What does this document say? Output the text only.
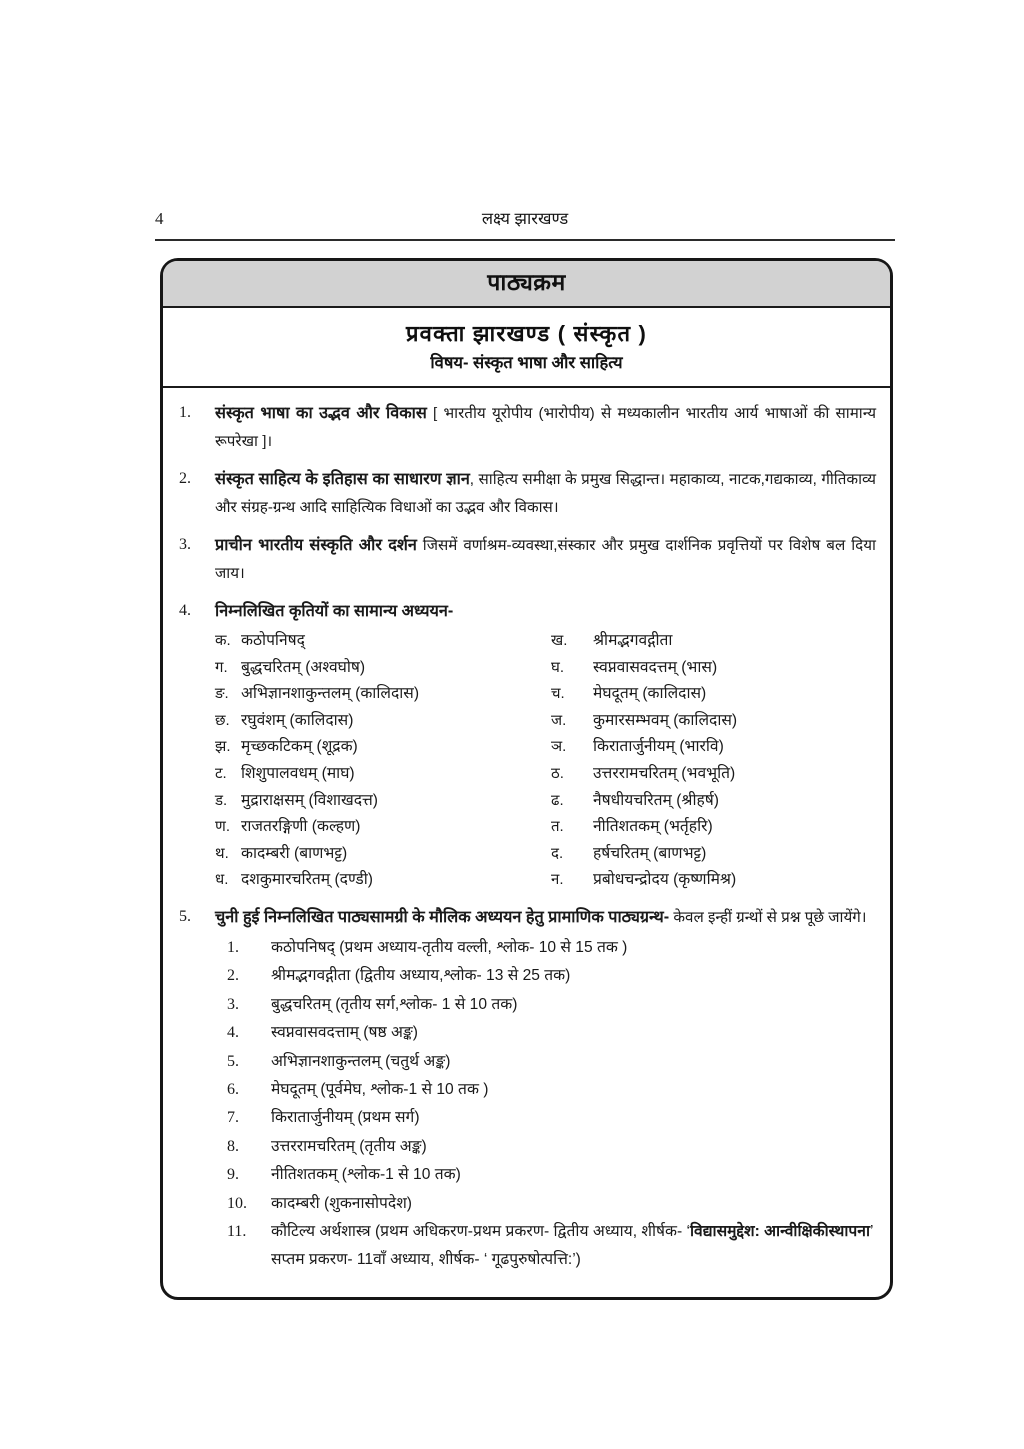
4	लक्ष्य झारखण्ड
पाठ्यक्रम
प्रवक्ता झारखण्ड ( संस्कृत )
विषय- संस्कृत भाषा और साहित्य
1.	संस्कृत भाषा का उद्भव और विकास [ भारतीय यूरोपीय (भारोपीय) से मध्यकालीन भारतीय आर्य भाषाओं की सामान्य रूपरेखा ]।
2.	संस्कृत साहित्य के इतिहास का साधारण ज्ञान, साहित्य समीक्षा के प्रमुख सिद्धान्त। महाकाव्य, नाटक,गद्यकाव्य, गीतिकाव्य और संग्रह-ग्रन्थ आदि साहित्यिक विधाओं का उद्भव और विकास।
3.	प्राचीन भारतीय संस्कृति और दर्शन जिसमें वर्णाश्रम-व्यवस्था,संस्कार और प्रमुख दार्शनिक प्रवृत्तियों पर विशेष बल दिया जाय।
4.	निम्नलिखित कृतियों का सामान्य अध्ययन-
क. कठोपनिषद्	ख.	श्रीमद्भगवद्गीता
ग. बुद्धचरितम् (अश्वघोष)	घ.	स्वप्नवासवदत्तम् (भास)
ङ. अभिज्ञानशाकुन्तलम् (कालिदास)	च.	मेघदूतम् (कालिदास)
छ. रघुवंशम् (कालिदास)	ज.	कुमारसम्भवम् (कालिदास)
झ. मृच्छकटिकम् (शूद्रक)	ञ.	किरातार्जुनीयम् (भारवि)
ट. शिशुपालवधम् (माघ)	ठ.	उत्तररामचरितम् (भवभूति)
ड. मुद्राराक्षसम् (विशाखदत्त)	ढ.	नैषधीयचरितम् (श्रीहर्ष)
ण. राजतरङ्गिणी (कल्हण)	त.	नीतिशतकम् (भर्तृहरि)
थ. कादम्बरी (बाणभट्ट)	द.	हर्षचरितम् (बाणभट्ट)
ध. दशकुमारचरितम् (दण्डी)	न.	प्रबोधचन्द्रोदय (कृष्णमिश्र)
5.	चुनी हुई निम्नलिखित पाठ्यसामग्री के मौलिक अध्ययन हेतु प्रामाणिक पाठ्यग्रन्थ- केवल इन्हीं ग्रन्थों से प्रश्न पूछे जायेंगे।
1.	कठोपनिषद् (प्रथम अध्याय-तृतीय वल्ली, श्लोक- 10 से 15 तक )
2.	श्रीमद्भगवद्गीता (द्वितीय अध्याय,श्लोक- 13 से 25 तक)
3.	बुद्धचरितम् (तृतीय सर्ग,श्लोक- 1 से 10 तक)
4.	स्वप्नवासवदत्ताम् (षष्ठ अङ्क)
5.	अभिज्ञानशाकुन्तलम् (चतुर्थ अङ्क)
6.	मेघदूतम् (पूर्वमेघ, श्लोक-1 से 10 तक )
7.	किरातार्जुनीयम् (प्रथम सर्ग)
8.	उत्तररामचरितम् (तृतीय अङ्क)
9.	नीतिशतकम् (श्लोक-1 से 10 तक)
10.	कादम्बरी (शुकनासोपदेश)
11.	कौटिल्य अर्थशास्त्र (प्रथम अधिकरण-प्रथम प्रकरण- द्वितीय अध्याय, शीर्षक- ‘विद्यासमुद्देश: आन्वीक्षिकीस्थापना’
सप्तम प्रकरण- 11वाँ अध्याय, शीर्षक- ‘ गूढपुरुषोत्पत्ति:’)
